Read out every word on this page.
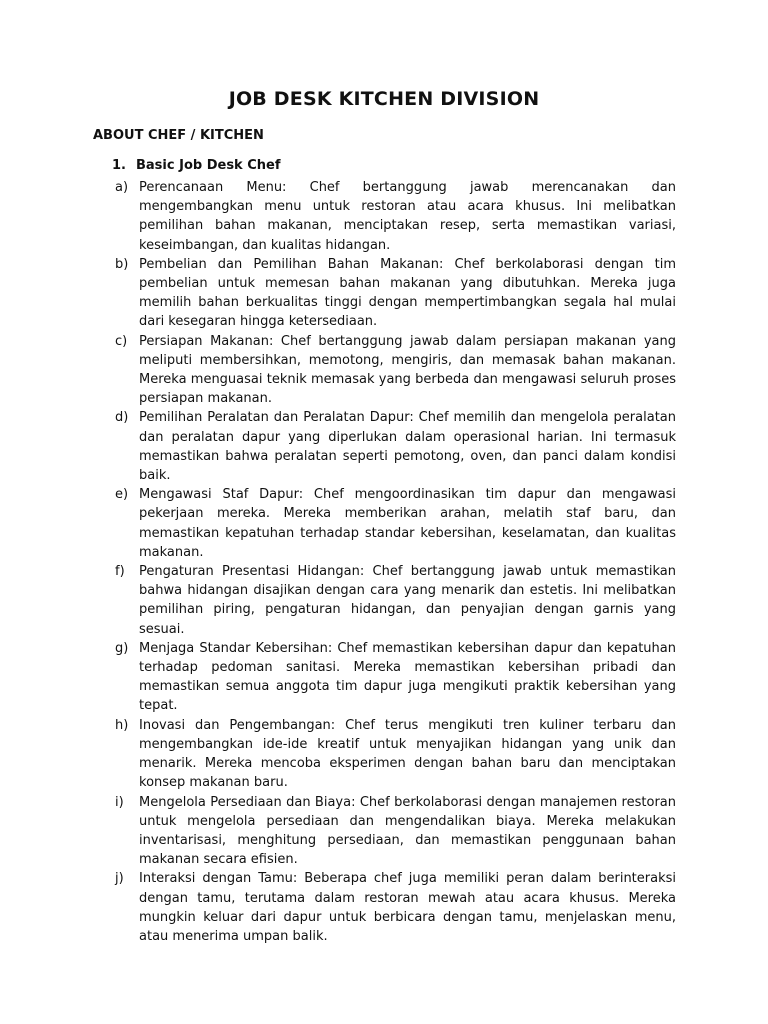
JOB DESK KITCHEN DIVISION
ABOUT CHEF / KITCHEN
1. Basic Job Desk Chef
a) Perencanaan Menu: Chef bertanggung jawab merencanakan dan mengembangkan menu untuk restoran atau acara khusus. Ini melibatkan pemilihan bahan makanan, menciptakan resep, serta memastikan variasi, keseimbangan, dan kualitas hidangan.
b) Pembelian dan Pemilihan Bahan Makanan: Chef berkolaborasi dengan tim pembelian untuk memesan bahan makanan yang dibutuhkan. Mereka juga memilih bahan berkualitas tinggi dengan mempertimbangkan segala hal mulai dari kesegaran hingga ketersediaan.
c) Persiapan Makanan: Chef bertanggung jawab dalam persiapan makanan yang meliputi membersihkan, memotong, mengiris, dan memasak bahan makanan. Mereka menguasai teknik memasak yang berbeda dan mengawasi seluruh proses persiapan makanan.
d) Pemilihan Peralatan dan Peralatan Dapur: Chef memilih dan mengelola peralatan dan peralatan dapur yang diperlukan dalam operasional harian. Ini termasuk memastikan bahwa peralatan seperti pemotong, oven, dan panci dalam kondisi baik.
e) Mengawasi Staf Dapur: Chef mengoordinasikan tim dapur dan mengawasi pekerjaan mereka. Mereka memberikan arahan, melatih staf baru, dan memastikan kepatuhan terhadap standar kebersihan, keselamatan, dan kualitas makanan.
f) Pengaturan Presentasi Hidangan: Chef bertanggung jawab untuk memastikan bahwa hidangan disajikan dengan cara yang menarik dan estetis. Ini melibatkan pemilihan piring, pengaturan hidangan, dan penyajian dengan garnis yang sesuai.
g) Menjaga Standar Kebersihan: Chef memastikan kebersihan dapur dan kepatuhan terhadap pedoman sanitasi. Mereka memastikan kebersihan pribadi dan memastikan semua anggota tim dapur juga mengikuti praktik kebersihan yang tepat.
h) Inovasi dan Pengembangan: Chef terus mengikuti tren kuliner terbaru dan mengembangkan ide-ide kreatif untuk menyajikan hidangan yang unik dan menarik. Mereka mencoba eksperimen dengan bahan baru dan menciptakan konsep makanan baru.
i) Mengelola Persediaan dan Biaya: Chef berkolaborasi dengan manajemen restoran untuk mengelola persediaan dan mengendalikan biaya. Mereka melakukan inventarisasi, menghitung persediaan, dan memastikan penggunaan bahan makanan secara efisien.
j) Interaksi dengan Tamu: Beberapa chef juga memiliki peran dalam berinteraksi dengan tamu, terutama dalam restoran mewah atau acara khusus. Mereka mungkin keluar dari dapur untuk berbicara dengan tamu, menjelaskan menu, atau menerima umpan balik.
